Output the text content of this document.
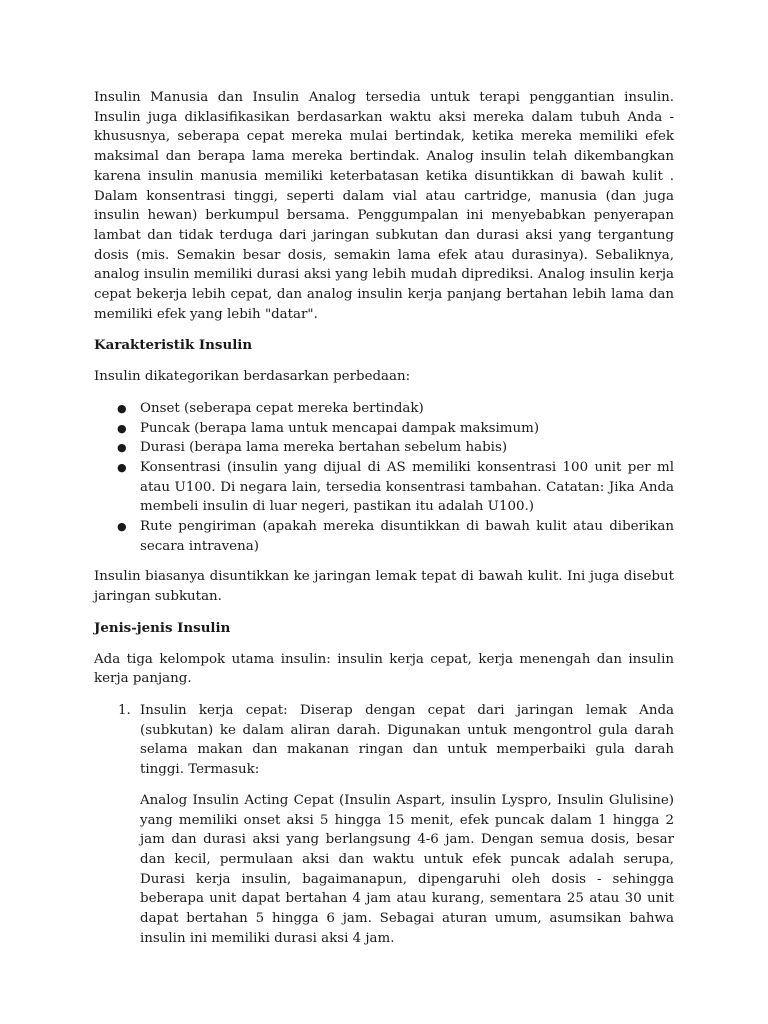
Insulin Manusia dan Insulin Analog tersedia untuk terapi penggantian insulin. Insulin juga diklasifikasikan berdasarkan waktu aksi mereka dalam tubuh Anda - khususnya, seberapa cepat mereka mulai bertindak, ketika mereka memiliki efek maksimal dan berapa lama mereka bertindak. Analog insulin telah dikembangkan karena insulin manusia memiliki keterbatasan ketika disuntikkan di bawah kulit . Dalam konsentrasi tinggi, seperti dalam vial atau cartridge, manusia (dan juga insulin hewan) berkumpul bersama. Penggumpalan ini menyebabkan penyerapan lambat dan tidak terduga dari jaringan subkutan dan durasi aksi yang tergantung dosis (mis. Semakin besar dosis, semakin lama efek atau durasinya). Sebaliknya, analog insulin memiliki durasi aksi yang lebih mudah diprediksi. Analog insulin kerja cepat bekerja lebih cepat, dan analog insulin kerja panjang bertahan lebih lama dan memiliki efek yang lebih "datar".

Karakteristik Insulin

Insulin dikategorikan berdasarkan perbedaan:

● Onset (seberapa cepat mereka bertindak)
● Puncak (berapa lama untuk mencapai dampak maksimum)
● Durasi (berapa lama mereka bertahan sebelum habis)
● Konsentrasi (insulin yang dijual di AS memiliki konsentrasi 100 unit per ml atau U100. Di negara lain, tersedia konsentrasi tambahan. Catatan: Jika Anda membeli insulin di luar negeri, pastikan itu adalah U100.)
● Rute pengiriman (apakah mereka disuntikkan di bawah kulit atau diberikan secara intravena)

Insulin biasanya disuntikkan ke jaringan lemak tepat di bawah kulit. Ini juga disebut jaringan subkutan.

Jenis-jenis Insulin

Ada tiga kelompok utama insulin: insulin kerja cepat, kerja menengah dan insulin kerja panjang.

1. Insulin kerja cepat: Diserap dengan cepat dari jaringan lemak Anda (subkutan) ke dalam aliran darah. Digunakan untuk mengontrol gula darah selama makan dan makanan ringan dan untuk memperbaiki gula darah tinggi. Termasuk:

Analog Insulin Acting Cepat (Insulin Aspart, insulin Lyspro, Insulin Glulisine) yang memiliki onset aksi 5 hingga 15 menit, efek puncak dalam 1 hingga 2 jam dan durasi aksi yang berlangsung 4-6 jam. Dengan semua dosis, besar dan kecil, permulaan aksi dan waktu untuk efek puncak adalah serupa, Durasi kerja insulin, bagaimanapun, dipengaruhi oleh dosis - sehingga beberapa unit dapat bertahan 4 jam atau kurang, sementara 25 atau 30 unit dapat bertahan 5 hingga 6 jam. Sebagai aturan umum, asumsikan bahwa insulin ini memiliki durasi aksi 4 jam.
